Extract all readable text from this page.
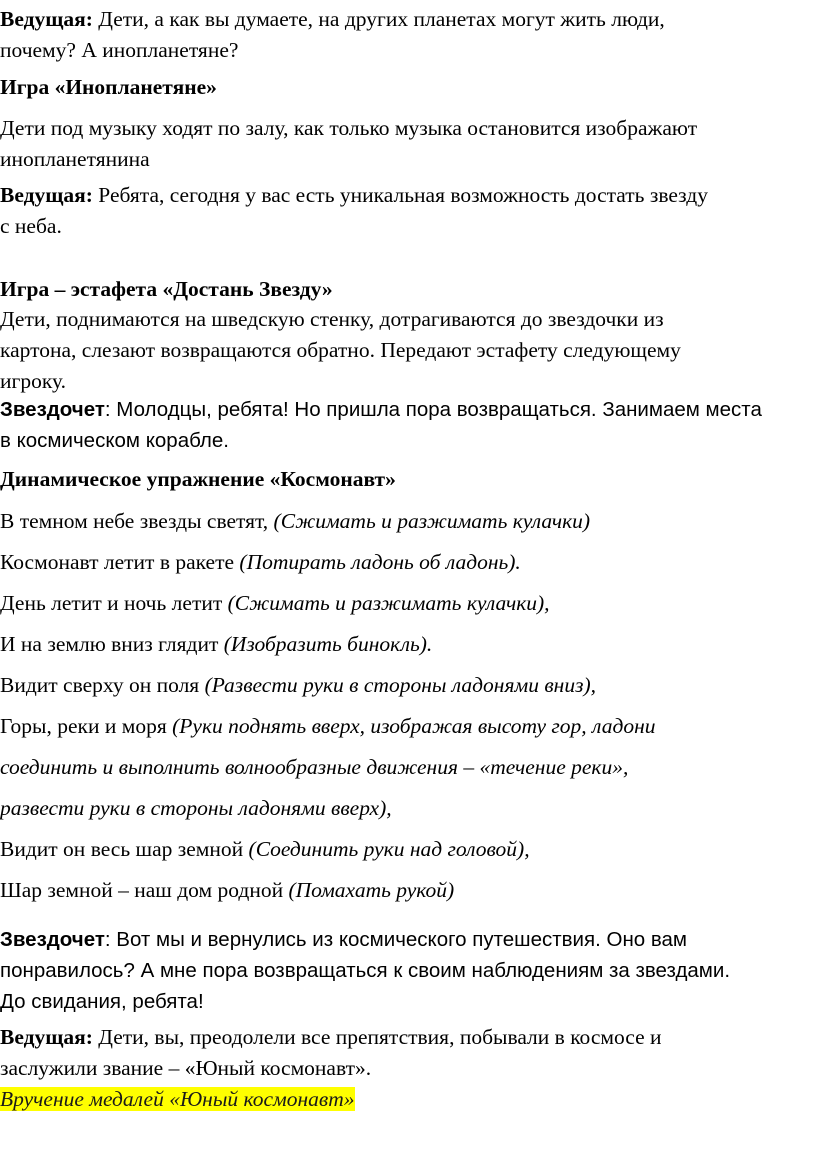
Ведущая: Дети, а как вы думаете, на других планетах могут жить люди,
почему? А инопланетяне?

Игра «Инопланетяне»

Дети под музыку ходят по залу, как только музыка остановится изображают
инопланетянина

Ведущая: Ребята, сегодня у вас есть уникальная возможность достать звезду
с неба.

Игра – эстафета «Достань Звезду»

Дети, поднимаются на шведскую стенку, дотрагиваются до звездочки из
картона, слезают возвращаются обратно. Передают эстафету следующему
игроку.

Звездочет: Молодцы, ребята! Но пришла пора возвращаться. Занимаем места
в космическом корабле.

Динамическое упражнение «Космонавт»

В темном небе звезды светят, (Сжимать и разжимать кулачки)
Космонавт летит в ракете (Потирать ладонь об ладонь).
День летит и ночь летит (Сжимать и разжимать кулачки),
И на землю вниз глядит (Изобразить бинокль).
Видит сверху он поля (Развести руки в стороны ладонями вниз),
Горы, реки и моря (Руки поднять вверх, изображая высоту гор, ладони
соединить и выполнить волнообразные движения – «течение реки»,
развести руки в стороны ладонями вверх),
Видит он весь шар земной (Соединить руки над головой),
Шар земной – наш дом родной (Помахать рукой)

Звездочет: Вот мы и вернулись из космического путешествия. Оно вам
понравилось? А мне пора возвращаться к своим наблюдениям за звездами.
До свидания, ребята!

Ведущая: Дети, вы, преодолели все препятствия, побывали в космосе и
заслужили звание – «Юный космонавт».
Вручение медалей «Юный космонавт»
